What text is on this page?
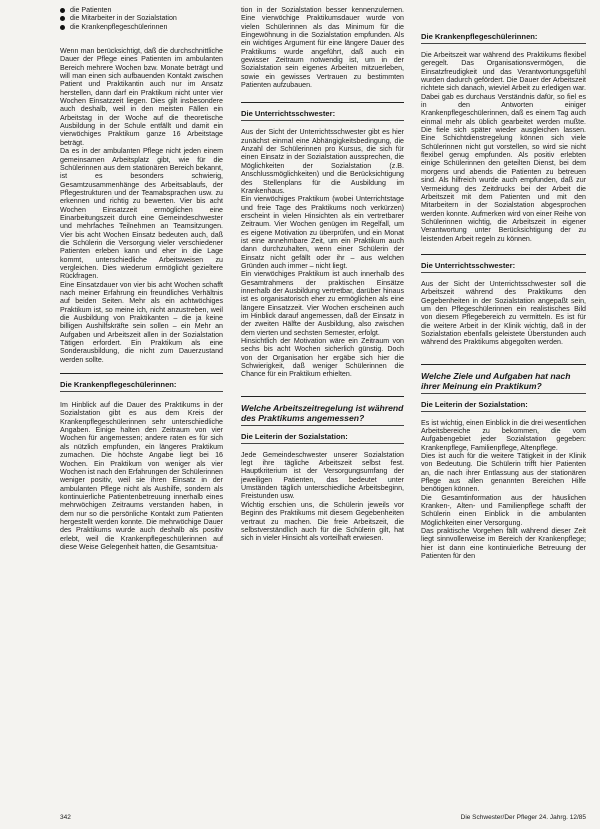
die Patienten
die Mitarbeiter in der Sozialstation
die Krankenpflegeschülerinnen

Wenn man berücksichtigt, daß die durchschnittliche Dauer der Pflege eines Patienten im ambulanten Bereich mehrere Wochen bzw. Monate beträgt und will man einen sich aufbauenden Kontakt zwischen Patient und Praktikantin auch nur im Ansatz herstellen, dann darf ein Praktikum nicht unter vier Wochen Einsatzzeit liegen. Dies gilt insbesondere auch deshalb, weil in den meisten Fällen ein Arbeitstag in der Woche auf die theoretische Ausbildung in der Schule entfällt und damit ein vierwöchiges Praktikum ganze 16 Arbeitstage beträgt.

Da es in der ambulanten Pflege nicht jeden einem gemeinsamen Arbeitsplatz gibt, wie für die Schülerinnen aus dem stationären Bereich bekannt, ist es besonders schwierig, Gesamtzusammenhänge des Arbeitsablaufs, der Pflegestrukturen und der Teamabsprachen usw. zu erkennen und richtig zu bewerten. Vier bis acht Wochen Einsatzzeit ermöglichen eine Einarbeitungszeit durch eine Gemeindeschwester und mehrfaches Teilnehmen an Teamsitzungen. Vier bis acht Wochen Einsatz bedeuten auch, daß die Schülerin die Versorgung vieler verschiedener Patienten erleben kann und eher in die Lage kommt, unterschiedliche Arbeitsweisen zu vergleichen. Dies wiederum ermöglicht gezieltere Rückfragen.

Eine Einsatzdauer von vier bis acht Wochen schafft nach meiner Erfahrung ein freundliches Verhältnis auf beiden Seiten. Mehr als ein achtwöchiges Praktikum ist, so meine ich, nicht anzustreben, weil die Ausbildung von Praktikanten – die ja keine billigen Aushilfskräfte sein sollen – ein Mehr an Aufgaben und Arbeitszeit allen in der Sozialstation Tätigen erfordert. Ein Praktikum als eine Sonderausbildung, die nicht zum Dauerzustand werden sollte.

Die Krankenpflegeschülerinnen:

Im Hinblick auf die Dauer des Praktikums in der Sozialstation gibt es aus dem Kreis der Krankenpflegeschülerinnen sehr unterschiedliche Angaben. Einige halten den Zeitraum von vier Wochen für angemessen; andere raten es für sich als nützlich empfunden, ein längeres Praktikum zumachen. Die höchste Angabe liegt bei 16 Wochen. Ein Praktikum von weniger als vier Wochen ist nach den Erfahrungen der Schülerinnen weniger positiv, weil sie ihren Einsatz in der ambulanten Pflege nicht als Aushilfe, sondern als kontinuierliche Patientenbetreuung innerhalb eines mehrwöchigen Zeitraums verstanden haben, in dem nur so die persönliche Kontakt zum Patienten hergestellt werden konnte. Die mehrwöchige Dauer des Praktikums wurde auch deshalb als positiv erlebt, weil die Krankenpflegeschülerinnen auf diese Weise Gelegenheit hatten, die Gesamtsitua-

tion in der Sozialstation besser kennenzulernen. Eine vierwöchige Praktikumsdauer wurde von vielen Schülerinnen als das Minimum für die Eingewöhnung in die Sozialstation empfunden. Als ein wichtiges Argument für eine längere Dauer des Praktikums wurde angeführt, daß auch ein gewisser Zeitraum notwendig ist, um in der Sozialstation sein eigenes Arbeiten mitzuerleben, sowie ein gewisses Vertrauen zu bestimmten Patienten aufzubauen.

Die Unterrichtsschwester:

Aus der Sicht der Unterrichtsschwester gibt es hier zunächst einmal eine Abhängigkeitsbedingung, die Anzahl der Schülerinnen pro Kursus, die sich für einen Einsatz in der Sozialstation aussprechen, die Möglichkeiten der Sozialstation (z.B. Anschlussmöglichkeiten) und die Berücksichtigung des Stellenplans für die Ausbildung im Krankenhaus.

Ein vierwöchiges Praktikum (wobei Unterrichtstage und freie Tage des Praktikums noch verkürzen) erscheint in vielen Hinsichten als ein vertretbarer Zeitraum. Vier Wochen genügen im Regelfall, um es eigene Motivation zu überprüfen, und ein Monat ist eine annehmbare Zeit, um ein Praktikum auch dann durchzuhalten, wenn einer Schülerin der Einsatz nicht gefällt oder ihr – aus welchen Gründen auch immer – nicht liegt.

Ein vierwöchiges Praktikum ist auch innerhalb des Gesamtrahmens der praktischen Einsätze innerhalb der Ausbildung vertretbar, darüber hinaus ist es organisatorisch eher zu ermöglichen als eine längere Einsatzzeit. Vier Wochen erscheinen auch im Hinblick darauf angemessen, daß der Einsatz in der zweiten Hälfte der Ausbildung, also zwischen dem vierten und sechsten Semester, erfolgt.

Hinsichtlich der Motivation wäre ein Zeitraum von sechs bis acht Wochen sicherlich günstig. Doch von der Organisation her ergäbe sich hier die Schwierigkeit, daß weniger Schülerinnen die Chance für ein Praktikum erhielten.

Welche Arbeitszeitregelung ist während des Praktikums angemessen?
Die Leiterin der Sozialstation:

Jede Gemeindeschwester unserer Sozialstation legt ihre tägliche Arbeitszeit selbst fest. Hauptkriterium ist der Versorgungsumfang der jeweiligen Patienten, das bedeutet unter Umständen täglich unterschiedliche Arbeitsbeginn, Freistunden usw.

Wichtig erschien uns, die Schülerin jeweils vor Beginn des Praktikums mit diesem Gegebenheiten vertraut zu machen. Die freie Arbeitszeit, die selbstverständlich auch für die Schülerin gilt, hat sich in vieler Hinsicht als vorteilhaft erwiesen.

Die Krankenpflegeschülerinnen:

Die Arbeitszeit war während des Praktikums flexibel geregelt. Das Organisationsvermögen, die Einsatzfreudigkeit und das Verantwortungsgefühl wurden dadurch gefördert. Die Dauer der Arbeitszeit richtete sich danach, wieviel Arbeit zu erledigen war. Dabei gab es durchaus Verständnis dafür, so fiel es in den Antworten einiger Krankenpflegeschülerinnen, daß es einem Tag auch einmal mehr als üblich gearbeitet werden mußte. Die fiele sich später wieder ausgleichen lassen. Eine Schichtdienstregelung können sich viele Schülerinnen nicht gut vorstellen, so wird sie nicht flexibel genug empfunden. Als positiv erlebten einige Schülerinnen den geteilten Dienst, bei dem morgens und abends die Patienten zu betreuen sind. Als hilfreich wurde auch empfunden, daß zur Vermeidung des Zeitdrucks bei der Arbeit die Arbeitszeit mit dem Patienten und mit den Mitarbeitern in der Sozialstation abgesprochen werden konnte. Aufmerken wird von einer Reihe von Schülerinnen wichtig, die Arbeitszeit in eigener Verantwortung unter Berücksichtigung der zu leistenden Arbeit regeln zu können.

Die Unterrichtsschwester:

Aus der Sicht der Unterrichtsschwester soll die Arbeitszeit während des Praktikums den Gegebenheiten in der Sozialstation angepaßt sein, um den Pflegeschülerinnen ein realistisches Bild von diesem Pflegebereich zu vermitteln. Es ist für die weitere Arbeit in der Klinik wichtig, daß in der Sozialstation ebenfalls geleistete Überstunden auch während des Praktikums abgegolten werden.

Welche Ziele und Aufgaben hat nach ihrer Meinung ein Praktikum?
Die Leiterin der Sozialstation:

Es ist wichtig, einen Einblick in die drei wesentlichen Arbeitsbereiche zu bekommen, die vom Aufgabengebiet jeder Sozialstation gegeben: Krankenpflege, Familienpflege, Altenpflege.

Dies ist auch für die weitere Tätigkeit in der Klinik von Bedeutung. Die Schülerin trifft hier Patienten an, die nach ihrer Entlassung aus der stationären Pflege aus allen genannten Bereichen Hilfe benötigen können.

Die Gesamtinformation aus der häuslichen Kranken-, Alten- und Familienpflege schafft der Schülerin einen Einblick in die ambulanten Möglichkeiten einer Versorgung.

Das praktische Vorgehen fällt während dieser Zeit liegt sinnvollerweise im Bereich der Krankenpflege; hier ist dann eine kontinuierliche Betreuung der Patienten für den

342	Die Schwester/Der Pfleger 24. Jahrg. 12/85
